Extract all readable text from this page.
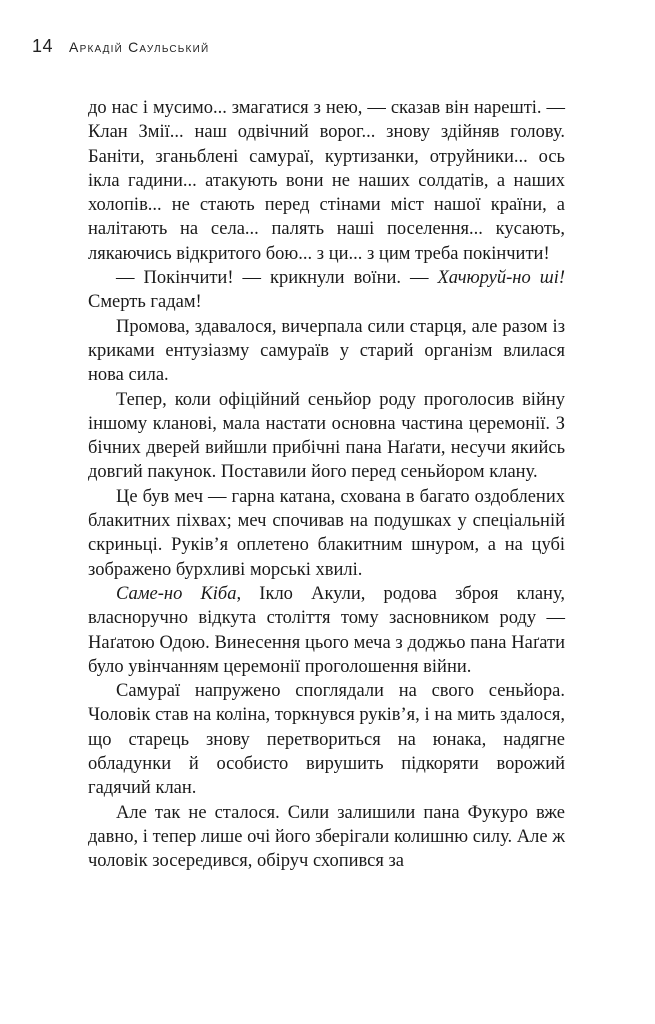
14 Аркадій Саульський

до нас і мусимо... змагатися з нею, — сказав він нарешті. — Клан Змії... наш одвічний ворог... знову здійняв голову. Баніти, зганьблені самураї, куртизанки, отруйники... ось ікла гадини... атакують вони не наших солдатів, а наших холопів... не стають перед стінами міст нашої країни, а налітають на села... палять наші поселення... кусають, лякаючись відкритого бою... з ци... з цим треба покінчити!

— Покінчити! — крикнули воїни. — Хачюруй-но ші! Смерть гадам!

Промова, здавалося, вичерпала сили старця, але разом із криками ентузіазму самураїв у старий організм влилася нова сила.

Тепер, коли офіційний сеньйор роду проголосив війну іншому кланові, мала настати основна частина церемонії. З бічних дверей вийшли прибічні пана Наґати, несучи якийсь довгий пакунок. Поставили його перед сеньйором клану.

Це був меч — гарна катана, схована в багато оздоблених блакитних піхвах; меч спочивав на подушках у спеціальній скриньці. Руків’я оплетено блакитним шнуром, а на цубі зображено бурхливі морські хвилі.

Саме-но Кіба, Ікло Акули, родова зброя клану, власноручно відкута століття тому засновником роду — Наґатою Одою. Винесення цього меча з доджьо пана Наґати було увінчанням церемонії проголошення війни.

Самураї напружено споглядали на свого сеньйора. Чоловік став на коліна, торкнувся руків’я, і на мить здалося, що старець знову перетвориться на юнака, надягне обладунки й особисто вирушить підкоряти ворожий гадячий клан.

Але так не сталося. Сили залишили пана Фукуро вже давно, і тепер лише очі його зберігали колишню силу. Але ж чоловік зосередився, обіруч схопився за
